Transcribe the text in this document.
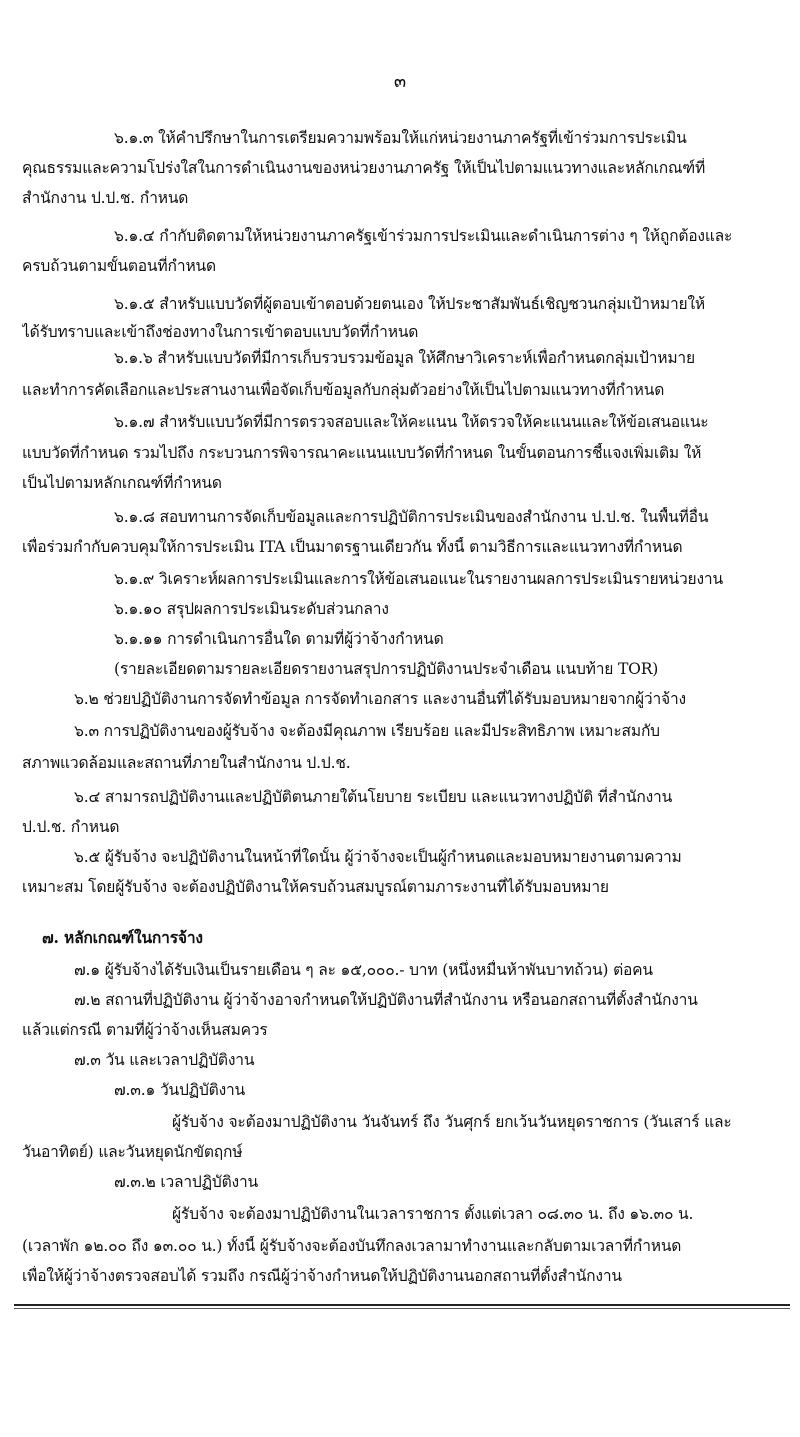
๓
๖.๑.๓ ให้คำปรึกษาในการเตรียมความพร้อมให้แก่หน่วยงานภาครัฐที่เข้าร่วมการประเมิน
คุณธรรมและความโปร่งใสในการดำเนินงานของหน่วยงานภาครัฐ ให้เป็นไปตามแนวทางและหลักเกณฑ์ที่
สำนักงาน ป.ป.ช. กำหนด
๖.๑.๔ กำกับติดตามให้หน่วยงานภาครัฐเข้าร่วมการประเมินและดำเนินการต่าง ๆ ให้ถูกต้องและ
ครบถ้วนตามขั้นตอนที่กำหนด
๖.๑.๕ สำหรับแบบวัดที่ผู้ตอบเข้าตอบด้วยตนเอง ให้ประชาสัมพันธ์เชิญชวนกลุ่มเป้าหมายให้
ได้รับทราบและเข้าถึงช่องทางในการเข้าตอบแบบวัดที่กำหนด
๖.๑.๖ สำหรับแบบวัดที่มีการเก็บรวบรวมข้อมูล ให้ศึกษาวิเคราะห์เพื่อกำหนดกลุ่มเป้าหมาย
และทำการคัดเลือกและประสานงานเพื่อจัดเก็บข้อมูลกับกลุ่มตัวอย่างให้เป็นไปตามแนวทางที่กำหนด
๖.๑.๗ สำหรับแบบวัดที่มีการตรวจสอบและให้คะแนน ให้ตรวจให้คะแนนและให้ข้อเสนอแนะ
แบบวัดที่กำหนด รวมไปถึง กระบวนการพิจารณาคะแนนแบบวัดที่กำหนด ในขั้นตอนการชี้แจงเพิ่มเติม ให้
เป็นไปตามหลักเกณฑ์ที่กำหนด
๖.๑.๘ สอบทานการจัดเก็บข้อมูลและการปฏิบัติการประเมินของสำนักงาน ป.ป.ช. ในพื้นที่อื่น
เพื่อร่วมกำกับควบคุมให้การประเมิน ITA เป็นมาตรฐานเดียวกัน ทั้งนี้ ตามวิธีการและแนวทางที่กำหนด
๖.๑.๙ วิเคราะห์ผลการประเมินและการให้ข้อเสนอแนะในรายงานผลการประเมินรายหน่วยงาน
๖.๑.๑๐ สรุปผลการประเมินระดับส่วนกลาง
๖.๑.๑๑ การดำเนินการอื่นใด ตามที่ผู้ว่าจ้างกำหนด
(รายละเอียดตามรายละเอียดรายงานสรุปการปฏิบัติงานประจำเดือน แนบท้าย TOR)
๖.๒ ช่วยปฏิบัติงานการจัดทำข้อมูล การจัดทำเอกสาร และงานอื่นที่ได้รับมอบหมายจากผู้ว่าจ้าง
๖.๓ การปฏิบัติงานของผู้รับจ้าง จะต้องมีคุณภาพ เรียบร้อย และมีประสิทธิภาพ เหมาะสมกับ
สภาพแวดล้อมและสถานที่ภายในสำนักงาน ป.ป.ช.
๖.๔ สามารถปฏิบัติงานและปฏิบัติตนภายใต้นโยบาย ระเบียบ และแนวทางปฏิบัติ ที่สำนักงาน
ป.ป.ช. กำหนด
๖.๕ ผู้รับจ้าง จะปฏิบัติงานในหน้าที่ใดนั้น ผู้ว่าจ้างจะเป็นผู้กำหนดและมอบหมายงานตามความ
เหมาะสม โดยผู้รับจ้าง จะต้องปฏิบัติงานให้ครบถ้วนสมบูรณ์ตามภาระงานที่ได้รับมอบหมาย
๗. หลักเกณฑ์ในการจ้าง
๗.๑ ผู้รับจ้างได้รับเงินเป็นรายเดือน ๆ ละ ๑๕,๐๐๐.- บาท (หนึ่งหมื่นห้าพันบาทถ้วน) ต่อคน
๗.๒ สถานที่ปฏิบัติงาน ผู้ว่าจ้างอาจกำหนดให้ปฏิบัติงานที่สำนักงาน หรือนอกสถานที่ตั้งสำนักงาน
แล้วแต่กรณี ตามที่ผู้ว่าจ้างเห็นสมควร
๗.๓ วัน และเวลาปฏิบัติงาน
๗.๓.๑ วันปฏิบัติงาน
ผู้รับจ้าง จะต้องมาปฏิบัติงาน วันจันทร์ ถึง วันศุกร์ ยกเว้นวันหยุดราชการ (วันเสาร์ และ
วันอาทิตย์) และวันหยุดนักขัตฤกษ์
๗.๓.๒ เวลาปฏิบัติงาน
ผู้รับจ้าง จะต้องมาปฏิบัติงานในเวลาราชการ ตั้งแต่เวลา ๐๘.๓๐ น. ถึง ๑๖.๓๐ น.
(เวลาพัก ๑๒.๐๐ ถึง ๑๓.๐๐ น.) ทั้งนี้ ผู้รับจ้างจะต้องบันทึกลงเวลามาทำงานและกลับตามเวลาที่กำหนด
เพื่อให้ผู้ว่าจ้างตรวจสอบได้ รวมถึง กรณีผู้ว่าจ้างกำหนดให้ปฏิบัติงานนอกสถานที่ตั้งสำนักงาน
